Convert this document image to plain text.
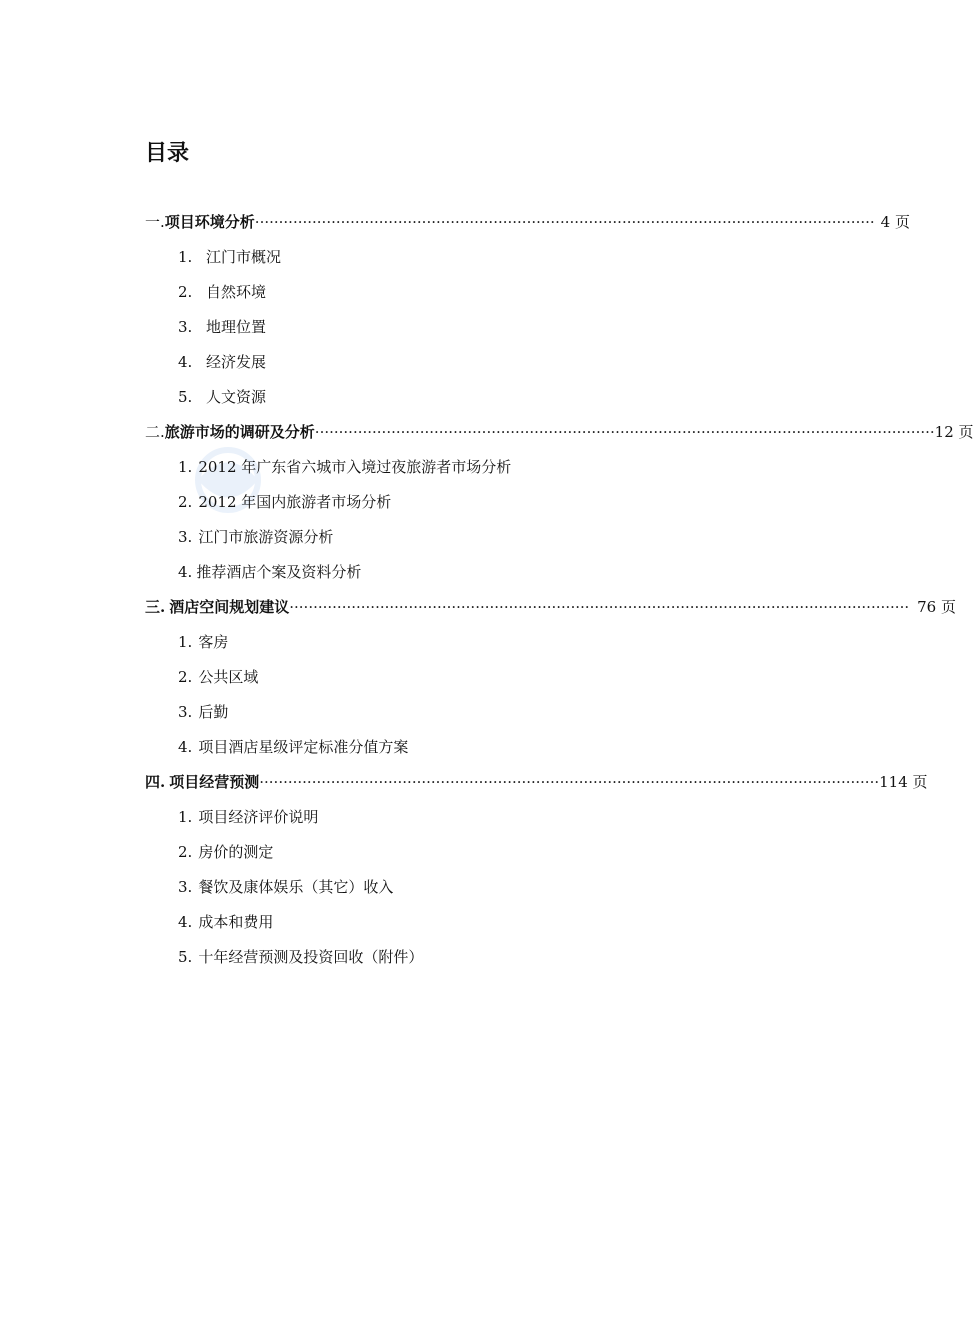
目录
一. 项目环境分析 ·································································································································· 4 页
1. 江门市概况
2. 自然环境
3. 地理位置
4. 经济发展
5. 人文资源
二. 旅游市场的调研及分析 ·································································································································· 12 页
1. 2012 年广东省六城市入境过夜旅游者市场分析
2. 2012 年国内旅游者市场分析
3. 江门市旅游资源分析
4. 推荐酒店个案及资料分析
三. 酒店空间规划建议 ·································································································································· 76 页
1. 客房
2. 公共区域
3. 后勤
4. 项目酒店星级评定标准分值方案
四. 项目经营预测 ·································································································································· 114 页
1. 项目经济评价说明
2. 房价的测定
3. 餐饮及康体娱乐（其它）收入
4. 成本和费用
5. 十年经营预测及投资回收（附件）
